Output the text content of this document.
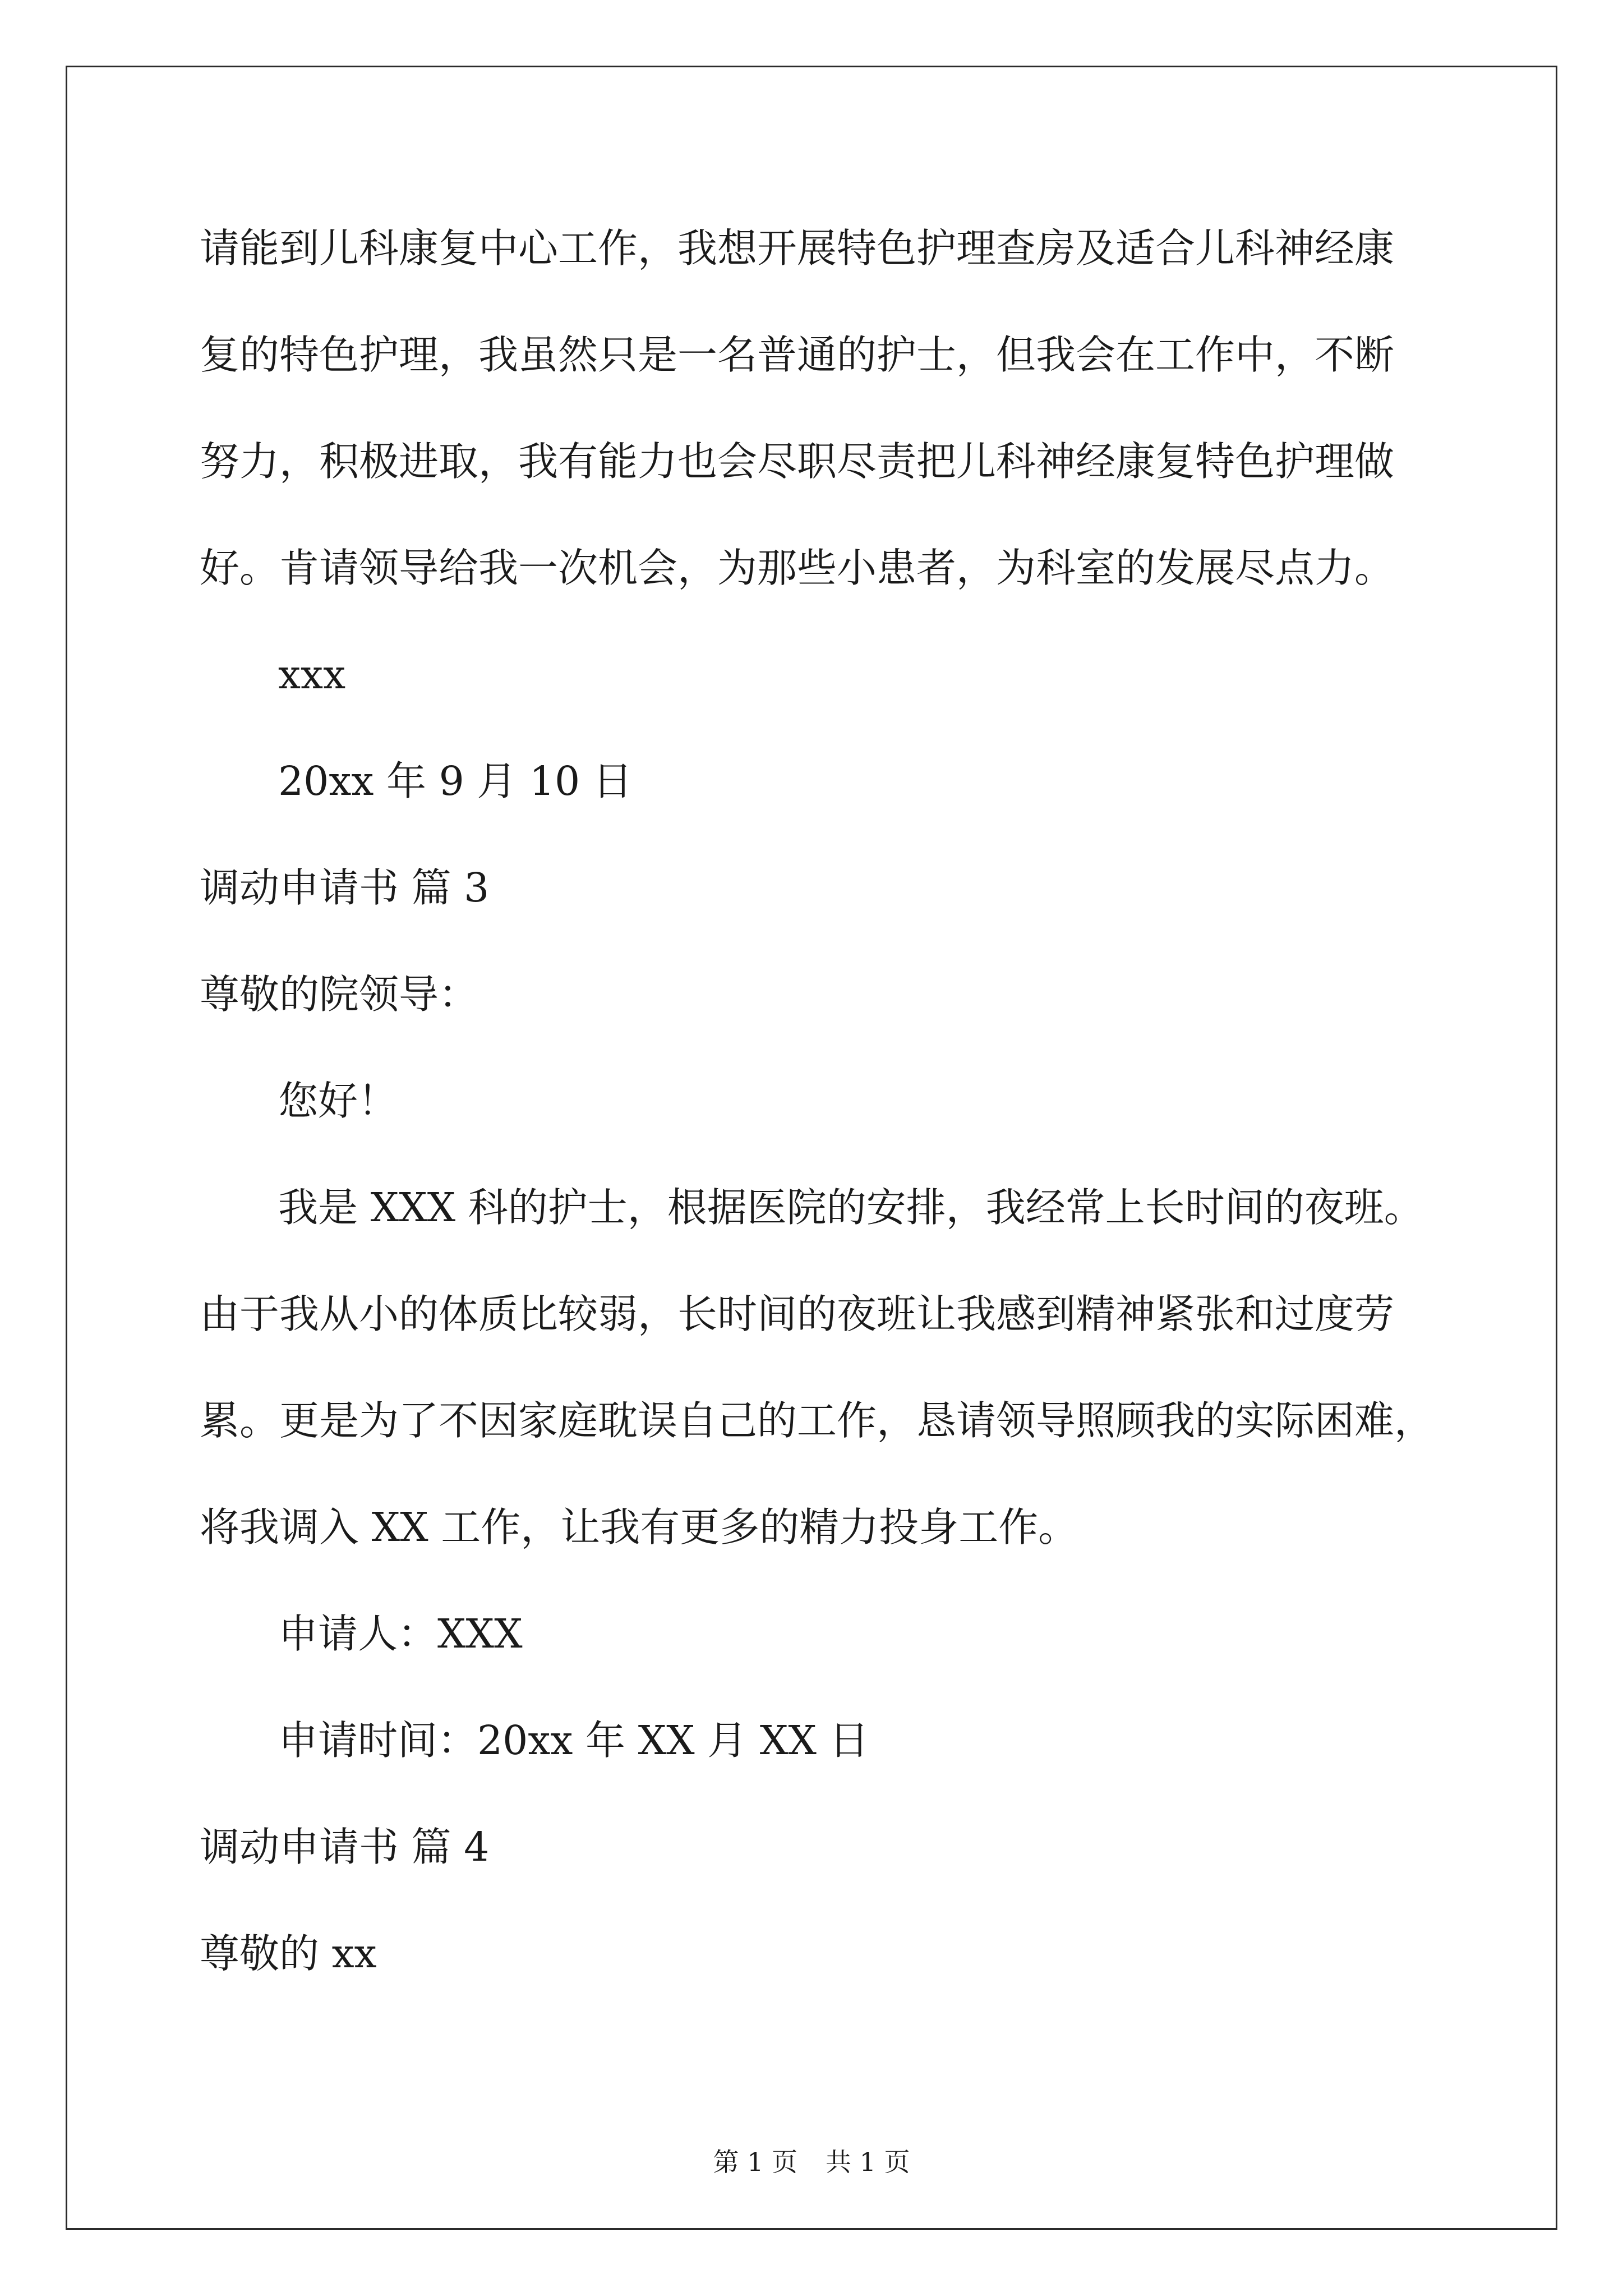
请能到儿科康复中心工作，我想开展特色护理查房及适合儿科神经康
复的特色护理，我虽然只是一名普通的护士，但我会在工作中，不断
努力，积极进取，我有能力也会尽职尽责把儿科神经康复特色护理做
好。肯请领导给我一次机会，为那些小患者，为科室的发展尽点力。
xxx
20xx 年 9 月 10 日
调动申请书 篇 3
尊敬的院领导：
您好！
我是 XXX 科的护士，根据医院的安排，我经常上长时间的夜班。
由于我从小的体质比较弱，长时间的夜班让我感到精神紧张和过度劳
累。更是为了不因家庭耽误自己的工作，恳请领导照顾我的实际困难，
将我调入 XX 工作，让我有更多的精力投身工作。
申请人：XXX
申请时间：20xx 年 XX 月 XX 日
调动申请书 篇 4
尊敬的 xx
第 1 页 共 1 页
